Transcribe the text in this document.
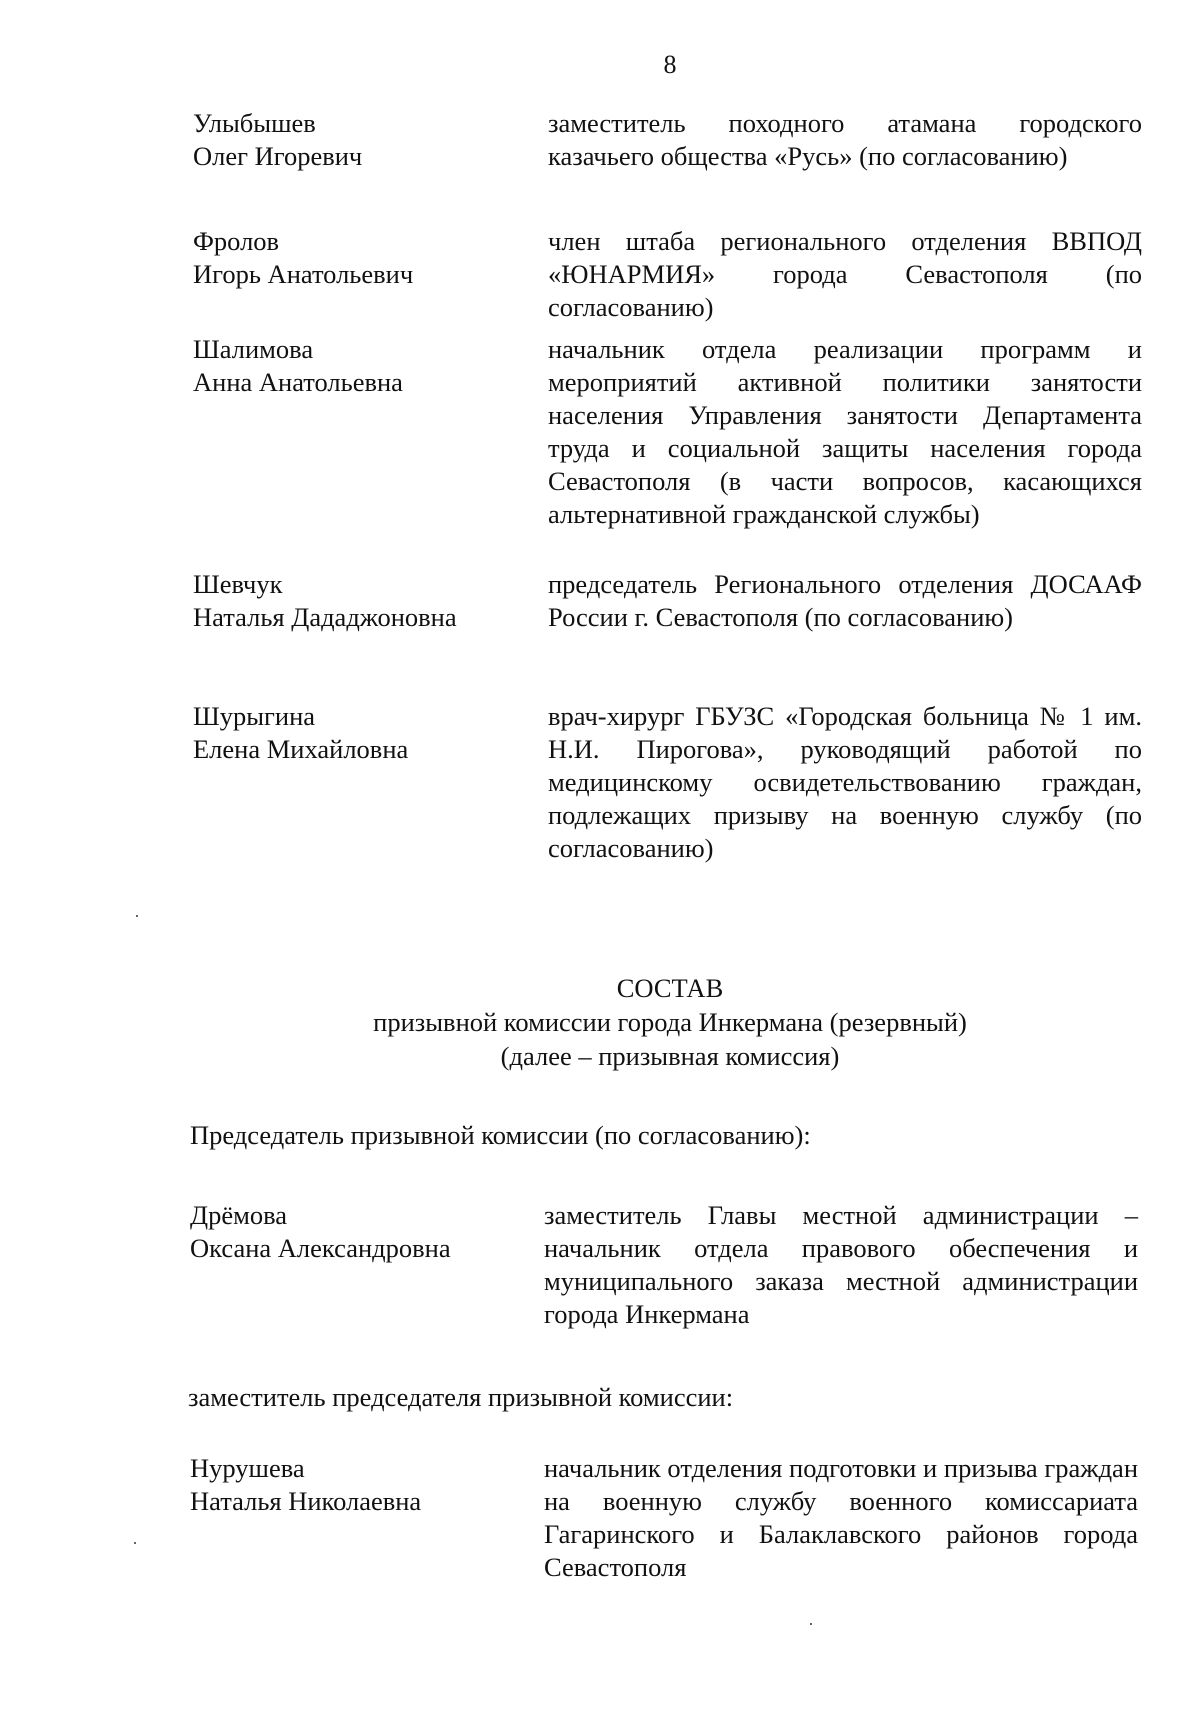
8
Улыбышев
Олег Игоревич
заместитель походного атамана городского казачьего общества «Русь» (по согласованию)
Фролов
Игорь Анатольевич
член штаба регионального отделения ВВПОД «ЮНАРМИЯ» города Севастополя (по согласованию)
Шалимова
Анна Анатольевна
начальник отдела реализации программ и мероприятий активной политики занятости населения Управления занятости Департамента труда и социальной защиты населения города Севастополя (в части вопросов, касающихся альтернативной гражданской службы)
Шевчук
Наталья Дададжоновна
председатель Регионального отделения ДОСААФ России г. Севастополя (по согласованию)
Шурыгина
Елена Михайловна
врач-хирург ГБУЗС «Городская больница № 1 им. Н.И. Пирогова», руководящий работой по медицинскому освидетельствованию граждан, подлежащих призыву на военную службу (по согласованию)
СОСТАВ
призывной комиссии города Инкермана (резервный)
(далее – призывная комиссия)
Председатель призывной комиссии (по согласованию):
Дрёмова
Оксана Александровна
заместитель Главы местной администрации – начальник отдела правового обеспечения и муниципального заказа местной администрации города Инкермана
заместитель председателя призывной комиссии:
Нурушева
Наталья Николаевна
начальник отделения подготовки и призыва граждан на военную службу военного комиссариата Гагаринского и Балаклавского районов города Севастополя
